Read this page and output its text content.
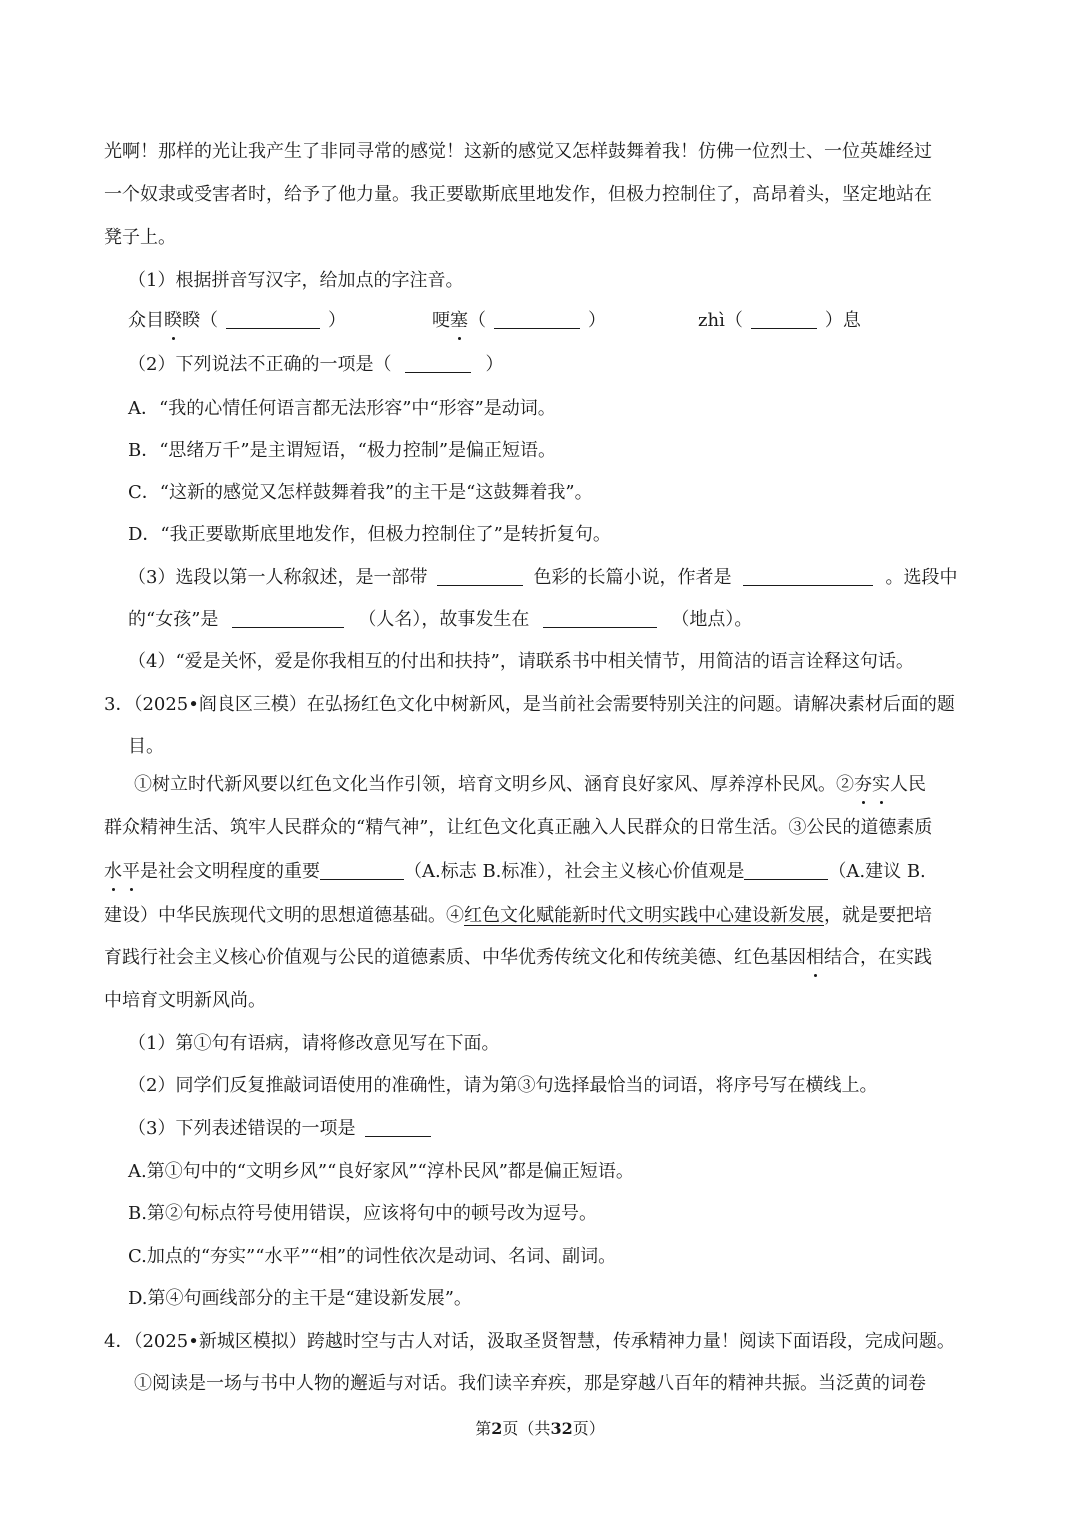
光啊！那样的光让我产生了非同寻常的感觉！这新的感觉又怎样鼓舞着我！仿佛一位烈士、一位英雄经过
一个奴隶或受害者时，给予了他力量。我正要歇斯底里地发作，但极力控制住了，高昂着头，坚定地站在
凳子上。
（1）根据拼音写汉字，给加点的字注音。
众目睽睽（	）	哽塞（	）	zhì（	）息
（2）下列说法不正确的一项是（	）
A．“我的心情任何语言都无法形容”中“形容”是动词。
B．“思绪万千”是主谓短语，“极力控制”是偏正短语。
C．“这新的感觉又怎样鼓舞着我”的主干是“这鼓舞着我”。
D．“我正要歇斯底里地发作，但极力控制住了”是转折复句。
（3）选段以第一人称叙述，是一部带	色彩的长篇小说，作者是	。选段中
的“女孩”是	（人名），故事发生在	（地点）。
（4）“爱是关怀，爱是你我相互的付出和扶持”，请联系书中相关情节，用简洁的语言诠释这句话。
3．（2025•阎良区三模）在弘扬红色文化中树新风，是当前社会需要特别关注的问题。请解决素材后面的题
目。
①树立时代新风要以红色文化当作引领，培育文明乡风、涵育良好家风、厚养淳朴民风。②夯实人民
群众精神生活、筑牢人民群众的“精气神”，让红色文化真正融入人民群众的日常生活。③公民的道德素质
水平是社会文明程度的重要	（A.标志 B.标准），社会主义核心价值观是	（A.建议 B.
建设）中华民族现代文明的思想道德基础。④红色文化赋能新时代文明实践中心建设新发展，就是要把培
育践行社会主义核心价值观与公民的道德素质、中华优秀传统文化和传统美德、红色基因相结合，在实践
中培育文明新风尚。
（1）第①句有语病，请将修改意见写在下面。
（2）同学们反复推敲词语使用的准确性，请为第③句选择最恰当的词语，将序号写在横线上。
（3）下列表述错误的一项是
A.第①句中的“文明乡风”“良好家风”“淳朴民风”都是偏正短语。
B.第②句标点符号使用错误，应该将句中的顿号改为逗号。
C.加点的“夯实”“水平”“相”的词性依次是动词、名词、副词。
D.第④句画线部分的主干是“建设新发展”。
4．（2025•新城区模拟）跨越时空与古人对话，汲取圣贤智慧，传承精神力量！阅读下面语段，完成问题。
①阅读是一场与书中人物的邂逅与对话。我们读辛弃疾，那是穿越八百年的精神共振。当泛黄的词卷
第2页（共32页）
